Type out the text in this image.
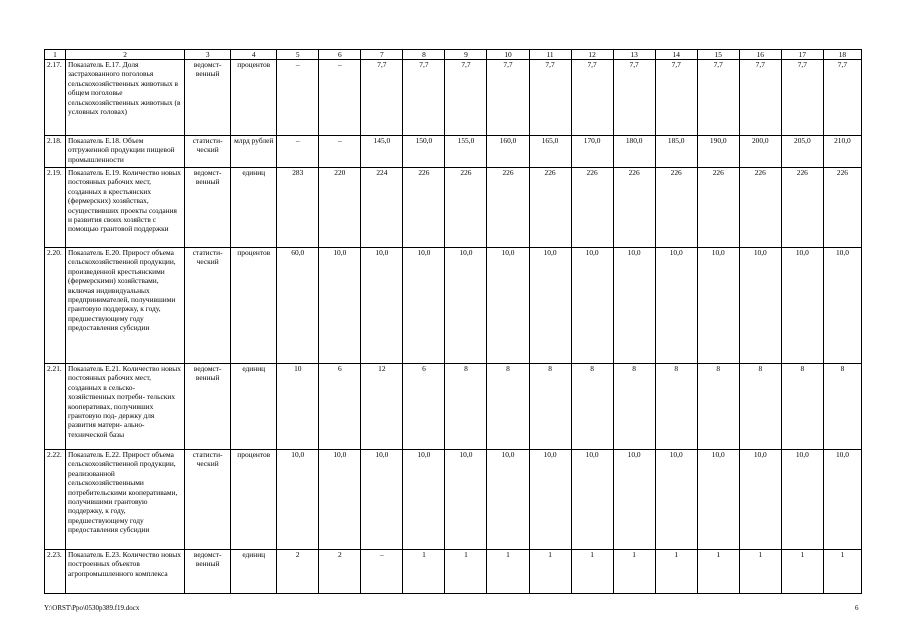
1	2	3	4	5	6	7	8	9	10	11	12	13	14	15	16	17	18
2.17.	Показатель Е.17. Доля застрахованного поголовья сельскохозяйственных животных в общем поголовье сельскохозяйственных животных (в условных головах)	ведомст- венный	процентов	–	–	7,7	7,7	7,7	7,7	7,7	7,7	7,7	7,7	7,7	7,7	7,7	7,7
2.18.	Показатель Е.18. Объем отгруженной продукции пищевой промышленности	статисти- ческий	млрд рублей	–	–	145,0	150,0	155,0	160,0	165,0	170,0	180,0	185,0	190,0	200,0	205,0	210,0
2.19.	Показатель Е.19. Количество новых постоянных рабочих мест, созданных в крестьянских (фермерских) хозяйствах, осуществивших проекты создания и развития своих хозяйств с помощью грантовой поддержки	ведомст- венный	единиц	283	220	224	226	226	226	226	226	226	226	226	226	226	226
2.20.	Показатель Е.20. Прирост объема сельскохозяйственной продукции, произведенной крестьянскими (фермерскими) хозяйствами, включая индивидуальных предпринимателей, получившими грантовую поддержку, к году, предшествующему году предоставления субсидии	статисти- ческий	процентов	60,0	10,0	10,0	10,0	10,0	10,0	10,0	10,0	10,0	10,0	10,0	10,0	10,0	10,0
2.21.	Показатель Е.21. Количество новых постоянных рабочих мест, созданных в сельско- хозяйственных потреби- тельских кооперативах, получивших грантовую под- держку для развития матери- ально-технической базы	ведомст- венный	единиц	10	6	12	6	8	8	8	8	8	8	8	8	8	8
2.22.	Показатель Е.22. Прирост объема сельскохозяйственной продукции, реализованной сельскохозяйственными потребительскими кооперативами, получившими грантовую поддержку, к году, предшествующему году предоставления субсидии	статисти- ческий	процентов	10,0	10,0	10,0	10,0	10,0	10,0	10,0	10,0	10,0	10,0	10,0	10,0	10,0	10,0
2.23.	Показатель Е.23. Количество новых построенных объектов агропромышленного комплекса	ведомст- венный	единиц	2	2	–	1	1	1	1	1	1	1	1	1	1	1
Y:\ORST\Ppo\0530p389.f19.docx	6
